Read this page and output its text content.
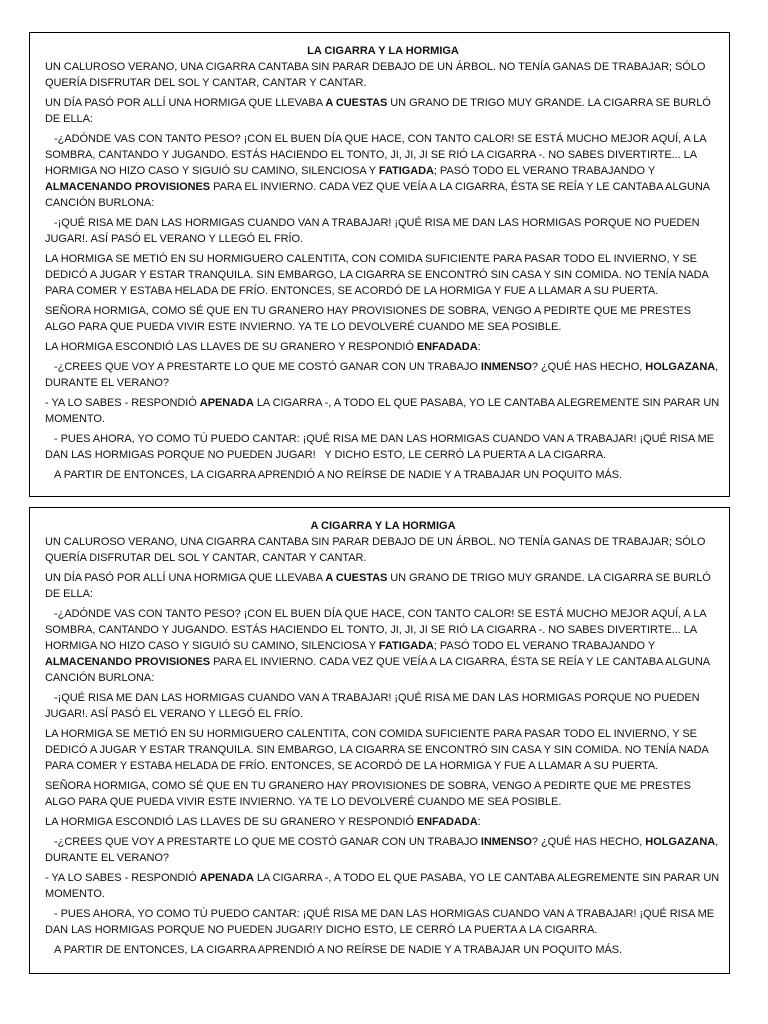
LA CIGARRA Y LA HORMIGA

UN CALUROSO VERANO, UNA CIGARRA CANTABA SIN PARAR DEBAJO DE UN ÁRBOL. NO TENÍA GANAS DE TRABAJAR; SÓLO QUERÍA DISFRUTAR DEL SOL Y CANTAR, CANTAR Y CANTAR.

UN DÍA PASÓ POR ALLÍ UNA HORMIGA QUE LLEVABA A CUESTAS UN GRANO DE TRIGO MUY GRANDE. LA CIGARRA SE BURLÓ DE ELLA:

-¿ADÓNDE VAS CON TANTO PESO? ¡CON EL BUEN DÍA QUE HACE, CON TANTO CALOR! SE ESTÁ MUCHO MEJOR AQUÍ, A LA SOMBRA, CANTANDO Y JUGANDO. ESTÁS HACIENDO EL TONTO, JI, JI, JI SE RIÓ LA CIGARRA -. NO SABES DIVERTIRTE... LA HORMIGA NO HIZO CASO Y SIGUIÓ SU CAMINO, SILENCIOSA Y FATIGADA; PASÓ TODO EL VERANO TRABAJANDO Y ALMACENANDO PROVISIONES PARA EL INVIERNO. CADA VEZ QUE VEÍA A LA CIGARRA, ÉSTA SE REÍA Y LE CANTABA ALGUNA CANCIÓN BURLONA:

-¡QUÉ RISA ME DAN LAS HORMIGAS CUANDO VAN A TRABAJAR! ¡QUÉ RISA ME DAN LAS HORMIGAS PORQUE NO PUEDEN JUGAR!. ASÍ PASÓ EL VERANO Y LLEGÓ EL FRÍO.

LA HORMIGA SE METIÓ EN SU HORMIGUERO CALENTITA, CON COMIDA SUFICIENTE PARA PASAR TODO EL INVIERNO, Y SE DEDICÓ A JUGAR Y ESTAR TRANQUILA. SIN EMBARGO, LA CIGARRA SE ENCONTRÓ SIN CASA Y SIN COMIDA. NO TENÍA NADA PARA COMER Y ESTABA HELADA DE FRÍO. ENTONCES, SE ACORDÓ DE LA HORMIGA Y FUE A LLAMAR A SU PUERTA.

SEÑORA HORMIGA, COMO SÉ QUE EN TU GRANERO HAY PROVISIONES DE SOBRA, VENGO A PEDIRTE QUE ME PRESTES ALGO PARA QUE PUEDA VIVIR ESTE INVIERNO. YA TE LO DEVOLVERÉ CUANDO ME SEA POSIBLE.

LA HORMIGA ESCONDIÓ LAS LLAVES DE SU GRANERO Y RESPONDIÓ ENFADADA:

-¿CREES QUE VOY A PRESTARTE LO QUE ME COSTÓ GANAR CON UN TRABAJO INMENSO? ¿QUÉ HAS HECHO, HOLGAZANA, DURANTE EL VERANO?

- YA LO SABES - RESPONDIÓ APENADA LA CIGARRA -, A TODO EL QUE PASABA, YO LE CANTABA ALEGREMENTE SIN PARAR UN MOMENTO.

- PUES AHORA, YO COMO TÚ PUEDO CANTAR: ¡QUÉ RISA ME DAN LAS HORMIGAS CUANDO VAN A TRABAJAR! ¡QUÉ RISA ME DAN LAS HORMIGAS PORQUE NO PUEDEN JUGAR!   Y DICHO ESTO, LE CERRÓ LA PUERTA A LA CIGARRA.

A PARTIR DE ENTONCES, LA CIGARRA APRENDIÓ A NO REÍRSE DE NADIE Y A TRABAJAR UN POQUITO MÁS.

A CIGARRA Y LA HORMIGA

UN CALUROSO VERANO, UNA CIGARRA CANTABA SIN PARAR DEBAJO DE UN ÁRBOL. NO TENÍA GANAS DE TRABAJAR; SÓLO QUERÍA DISFRUTAR DEL SOL Y CANTAR, CANTAR Y CANTAR.

UN DÍA PASÓ POR ALLÍ UNA HORMIGA QUE LLEVABA A CUESTAS UN GRANO DE TRIGO MUY GRANDE. LA CIGARRA SE BURLÓ DE ELLA:

-¿ADÓNDE VAS CON TANTO PESO? ¡CON EL BUEN DÍA QUE HACE, CON TANTO CALOR! SE ESTÁ MUCHO MEJOR AQUÍ, A LA SOMBRA, CANTANDO Y JUGANDO. ESTÁS HACIENDO EL TONTO, JI, JI, JI SE RIÓ LA CIGARRA -. NO SABES DIVERTIRTE... LA HORMIGA NO HIZO CASO Y SIGUIÓ SU CAMINO, SILENCIOSA Y FATIGADA; PASÓ TODO EL VERANO TRABAJANDO Y ALMACENANDO PROVISIONES PARA EL INVIERNO. CADA VEZ QUE VEÍA A LA CIGARRA, ÉSTA SE REÍA Y LE CANTABA ALGUNA CANCIÓN BURLONA:

-¡QUÉ RISA ME DAN LAS HORMIGAS CUANDO VAN A TRABAJAR! ¡QUÉ RISA ME DAN LAS HORMIGAS PORQUE NO PUEDEN JUGAR!. ASÍ PASÓ EL VERANO Y LLEGÓ EL FRÍO.

LA HORMIGA SE METIÓ EN SU HORMIGUERO CALENTITA, CON COMIDA SUFICIENTE PARA PASAR TODO EL INVIERNO, Y SE DEDICÓ A JUGAR Y ESTAR TRANQUILA. SIN EMBARGO, LA CIGARRA SE ENCONTRÓ SIN CASA Y SIN COMIDA. NO TENÍA NADA PARA COMER Y ESTABA HELADA DE FRÍO. ENTONCES, SE ACORDÓ DE LA HORMIGA Y FUE A LLAMAR A SU PUERTA.

SEÑORA HORMIGA, COMO SÉ QUE EN TU GRANERO HAY PROVISIONES DE SOBRA, VENGO A PEDIRTE QUE ME PRESTES ALGO PARA QUE PUEDA VIVIR ESTE INVIERNO. YA TE LO DEVOLVERÉ CUANDO ME SEA POSIBLE.

LA HORMIGA ESCONDIÓ LAS LLAVES DE SU GRANERO Y RESPONDIÓ ENFADADA:

-¿CREES QUE VOY A PRESTARTE LO QUE ME COSTÓ GANAR CON UN TRABAJO INMENSO? ¿QUÉ HAS HECHO, HOLGAZANA, DURANTE EL VERANO?

- YA LO SABES - RESPONDIÓ APENADA LA CIGARRA -, A TODO EL QUE PASABA, YO LE CANTABA ALEGREMENTE SIN PARAR UN MOMENTO.

- PUES AHORA, YO COMO TÚ PUEDO CANTAR: ¡QUÉ RISA ME DAN LAS HORMIGAS CUANDO VAN A TRABAJAR! ¡QUÉ RISA ME DAN LAS HORMIGAS PORQUE NO PUEDEN JUGAR!Y DICHO ESTO, LE CERRÓ LA PUERTA A LA CIGARRA.

A PARTIR DE ENTONCES, LA CIGARRA APRENDIÓ A NO REÍRSE DE NADIE Y A TRABAJAR UN POQUITO MÁS.
